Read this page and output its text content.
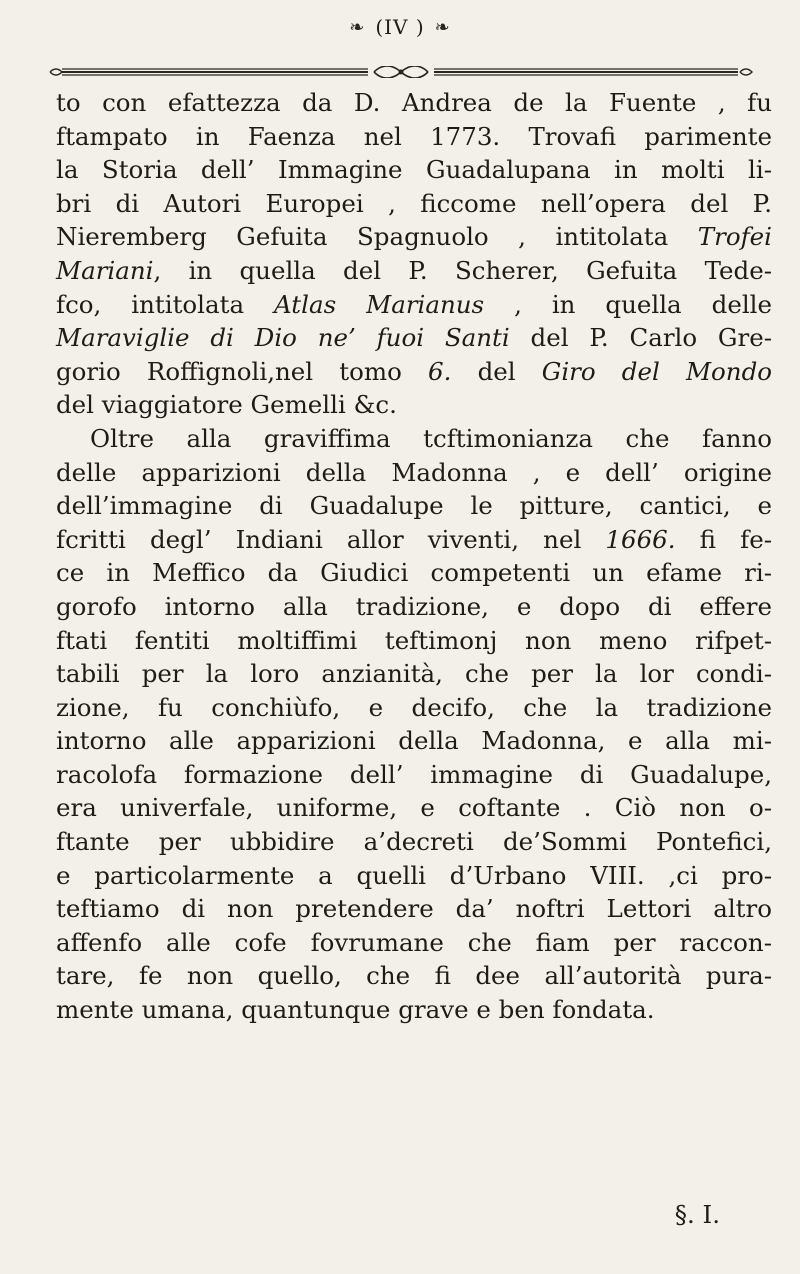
❧ (IV ) ❧
to con efattezza da D. Andrea de la Fuente , fu
ftampato in Faenza nel 1773. Trovafi parimente
la Storia dell’ Immagine Guadalupana in molti li-
bri di Autori Europei , ficcome nell’opera del P.
Nieremberg Gefuita Spagnuolo , intitolata Trofei
Mariani, in quella del P. Scherer, Gefuita Tede-
fco, intitolata Atlas Marianus , in quella delle
Maraviglie di Dio ne’ fuoi Santi del P. Carlo Gre-
gorio Roffignoli,nel tomo 6. del Giro del Mondo
del viaggiatore Gemelli &c.
Oltre alla graviffima tcftimonianza che fanno
delle apparizioni della Madonna , e dell’ origine
dell’immagine di Guadalupe le pitture, cantici, e
fcritti degl’ Indiani allor viventi, nel 1666. fi fe-
ce in Meffico da Giudici competenti un efame ri-
gorofo intorno alla tradizione, e dopo di effere
ftati fentiti moltiffimi teftimonj non meno rifpet-
tabili per la loro anzianità, che per la lor condi-
zione, fu conchiùfo, e decifo, che la tradizione
intorno alle apparizioni della Madonna, e alla mi-
racolofa formazione dell’ immagine di Guadalupe,
era univerfale, uniforme, e coftante . Ciò non o-
ftante per ubbidire a’decreti de’Sommi Pontefici,
e particolarmente a quelli d’Urbano VIII. ,ci pro-
teftiamo di non pretendere da’ noftri Lettori altro
affenfo alle cofe fovrumane che fiam per raccon-
tare, fe non quello, che fi dee all’autorità pura-
mente umana, quantunque grave e ben fondata.
§. I.
